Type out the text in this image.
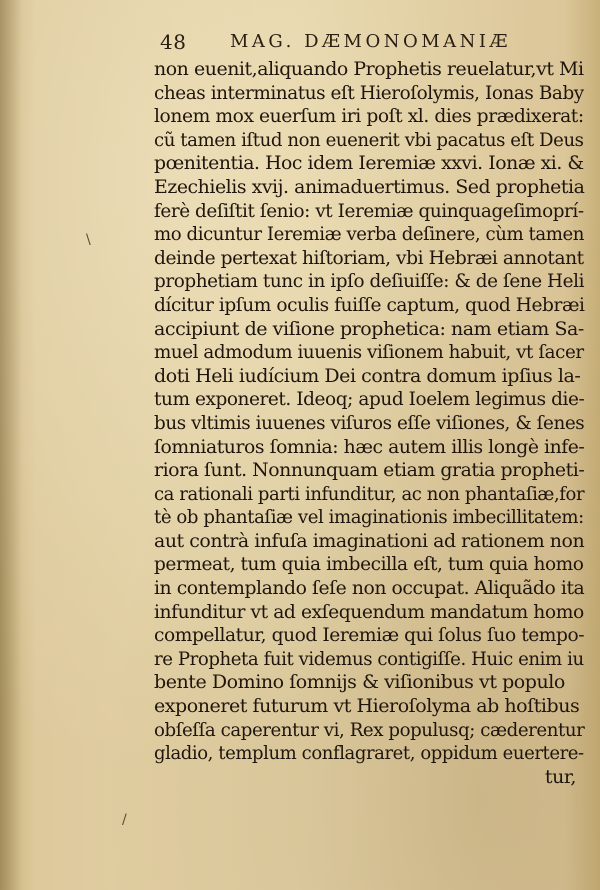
48 MAG. DÆMONOMANIÆ
\
/
non euenit,aliquando Prophetis reuelatur,vt Mi
cheas interminatus eſt Hieroſolymis, Ionas Baby
lonem mox euerſum iri poſt xl. dies prædixerat:
cũ tamen iſtud non euenerit vbi pacatus eſt Deus
pœnitentia. Hoc idem Ieremiæ xxvi. Ionæ xi. &
Ezechielis xvij. animaduertimus. Sed prophetia
ferè deſiſtit ſenio: vt Ieremiæ quinquageſimoprí-
mo dicuntur Ieremiæ verba deſinere, cùm tamen
deinde pertexat hiſtoriam, vbi Hebræi annotant
prophetiam tunc in ipſo deſiuiſſe: & de ſene Heli
dícitur ipſum oculis fuiſſe captum, quod Hebræi
accipiunt de viſione prophetica: nam etiam Sa-
muel admodum iuuenis viſionem habuit, vt ſacer
doti Heli iudícium Dei contra domum ipſius la-
tum exponeret. Ideoq; apud Ioelem legimus die-
bus vltimis iuuenes viſuros eſſe viſiones, & ſenes
ſomniaturos ſomnia: hæc autem illis longè infe-
riora ſunt. Nonnunquam etiam gratia propheti-
ca rationali parti infunditur, ac non phantaſiæ,for
tè ob phantaſiæ vel imaginationis imbecillitatem:
aut contrà infuſa imaginationi ad rationem non
permeat, tum quia imbecilla eſt, tum quia homo
in contemplando ſeſe non occupat. Aliquãdo ita
infunditur vt ad exſequendum mandatum homo
compellatur, quod Ieremiæ qui ſolus ſuo tempo-
re Propheta fuit videmus contigiſſe. Huic enim iu
bente Domino ſomnijs & viſionibus vt populo
exponeret futurum vt Hieroſolyma ab hoſtibus
obſeſſa caperentur vi, Rex populusq; cæderentur
gladio, templum conflagraret, oppidum euertere-
tur,
